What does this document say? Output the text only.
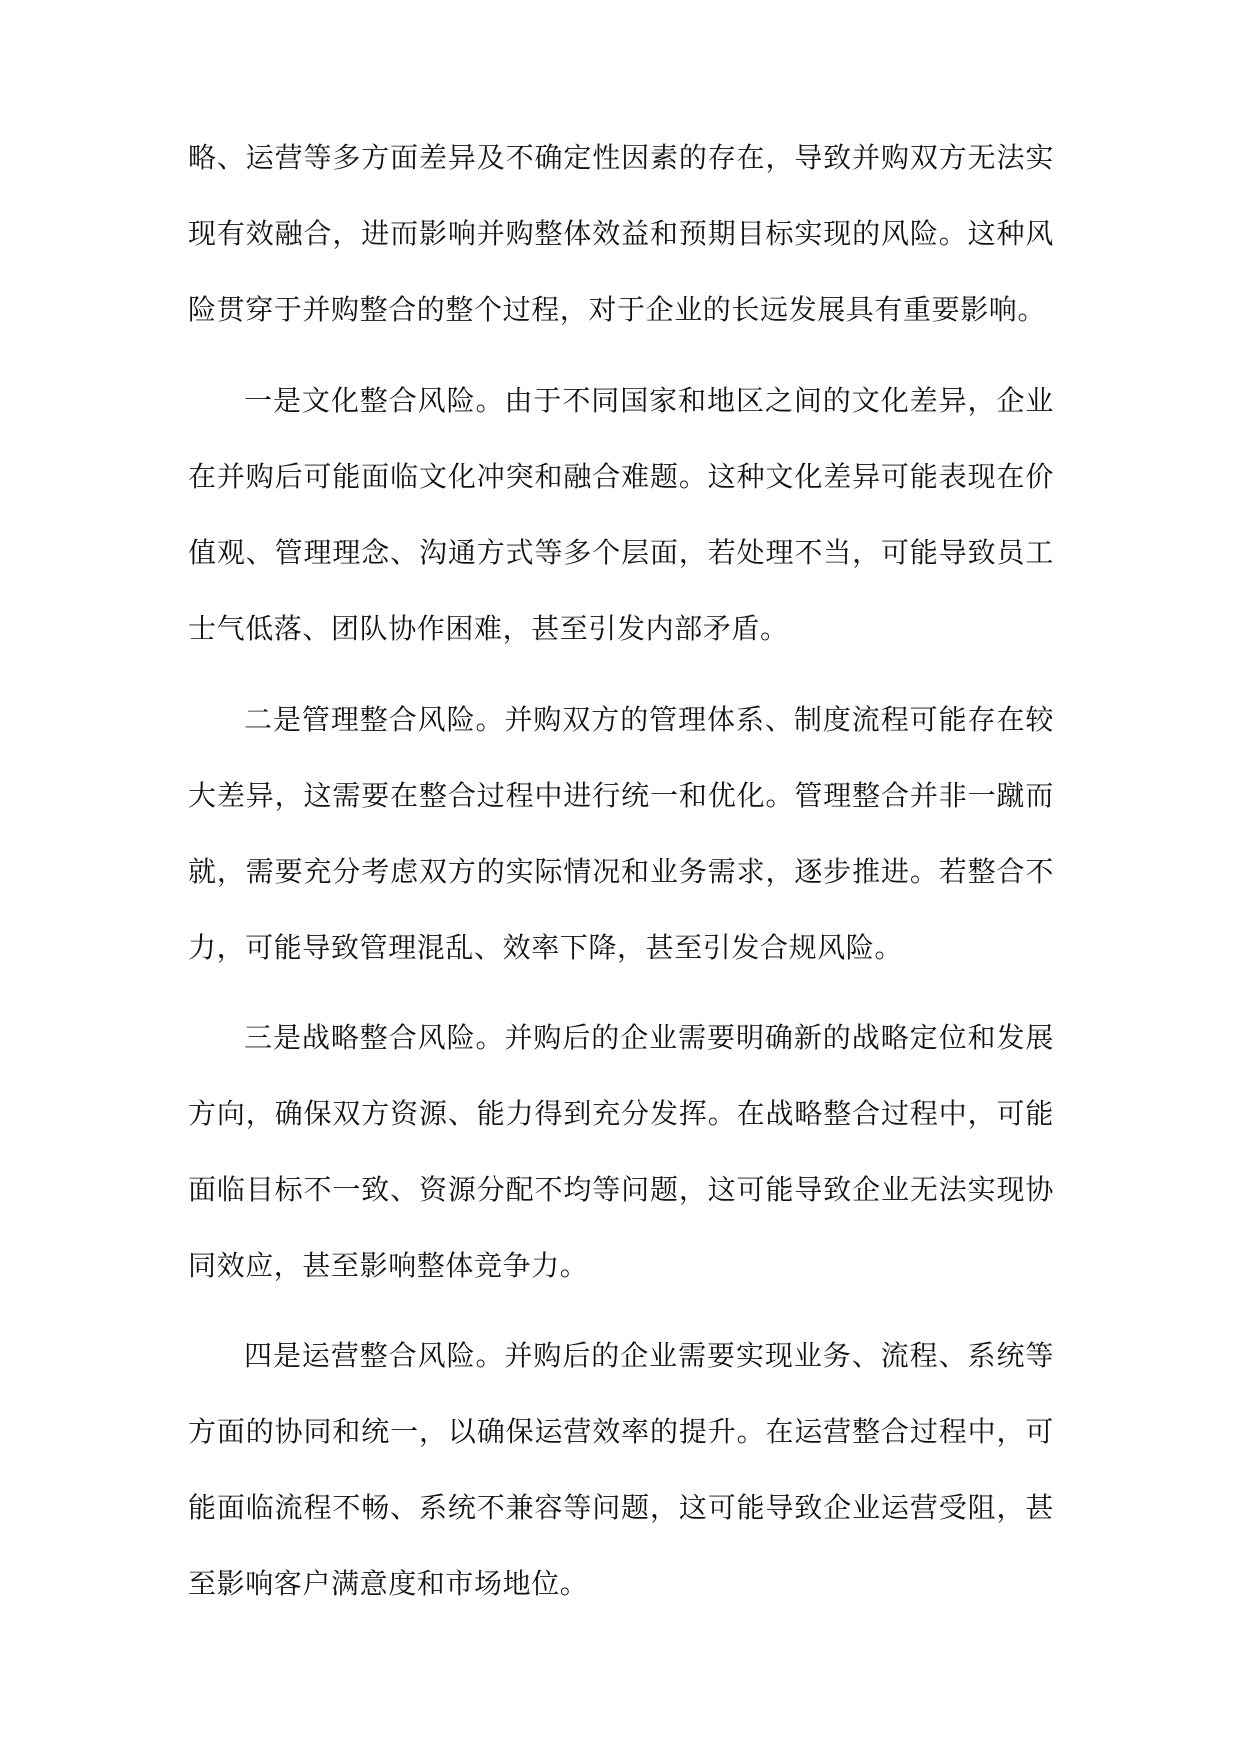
略、运营等多方面差异及不确定性因素的存在，导致并购双方无法实
现有效融合，进而影响并购整体效益和预期目标实现的风险。这种风
险贯穿于并购整合的整个过程，对于企业的长远发展具有重要影响。
一是文化整合风险。由于不同国家和地区之间的文化差异，企业
在并购后可能面临文化冲突和融合难题。这种文化差异可能表现在价
值观、管理理念、沟通方式等多个层面，若处理不当，可能导致员工
士气低落、团队协作困难，甚至引发内部矛盾。
二是管理整合风险。并购双方的管理体系、制度流程可能存在较
大差异，这需要在整合过程中进行统一和优化。管理整合并非一蹴而
就，需要充分考虑双方的实际情况和业务需求，逐步推进。若整合不
力，可能导致管理混乱、效率下降，甚至引发合规风险。
三是战略整合风险。并购后的企业需要明确新的战略定位和发展
方向，确保双方资源、能力得到充分发挥。在战略整合过程中，可能
面临目标不一致、资源分配不均等问题，这可能导致企业无法实现协
同效应，甚至影响整体竞争力。
四是运营整合风险。并购后的企业需要实现业务、流程、系统等
方面的协同和统一，以确保运营效率的提升。在运营整合过程中，可
能面临流程不畅、系统不兼容等问题，这可能导致企业运营受阻，甚
至影响客户满意度和市场地位。
